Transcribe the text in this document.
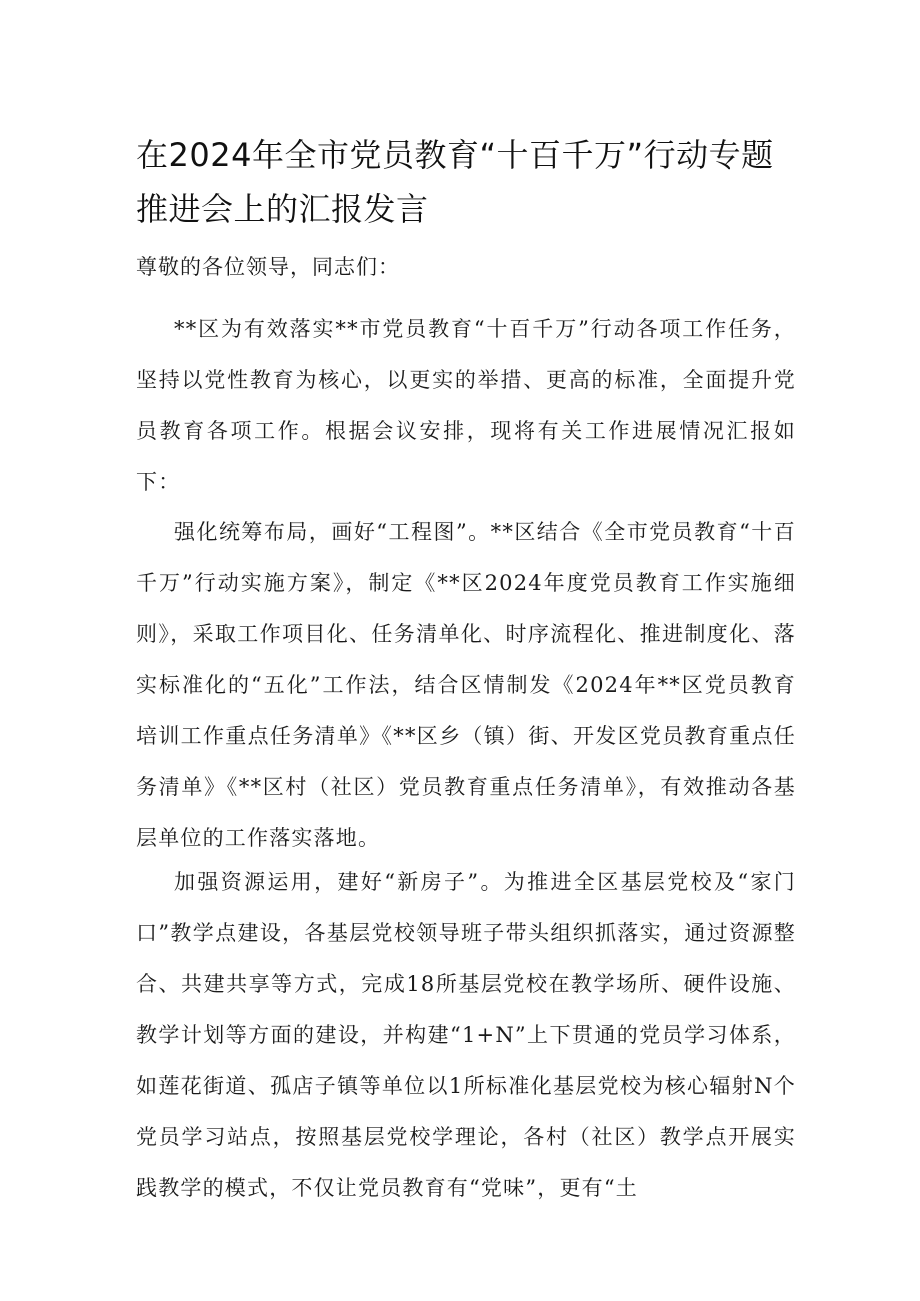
在2024年全市党员教育“十百千万”行动专题推进会上的汇报发言

尊敬的各位领导，同志们：

**区为有效落实**市党员教育“十百千万”行动各项工作任务，坚持以党性教育为核心，以更实的举措、更高的标准，全面提升党员教育各项工作。根据会议安排，现将有关工作进展情况汇报如下：

强化统筹布局，画好“工程图”。**区结合《全市党员教育“十百千万”行动实施方案》，制定《**区2024年度党员教育工作实施细则》，采取工作项目化、任务清单化、时序流程化、推进制度化、落实标准化的“五化”工作法，结合区情制发《2024年**区党员教育培训工作重点任务清单》《**区乡（镇）街、开发区党员教育重点任务清单》《**区村（社区）党员教育重点任务清单》，有效推动各基层单位的工作落实落地。

加强资源运用，建好“新房子”。为推进全区基层党校及“家门口”教学点建设，各基层党校领导班子带头组织抓落实，通过资源整合、共建共享等方式，完成18所基层党校在教学场所、硬件设施、教学计划等方面的建设，并构建“1+N”上下贯通的党员学习体系，如莲花街道、孤店子镇等单位以1所标准化基层党校为核心辐射N个党员学习站点，按照基层党校学理论，各村（社区）教学点开展实践教学的模式，不仅让党员教育有“党味”，更有“土
